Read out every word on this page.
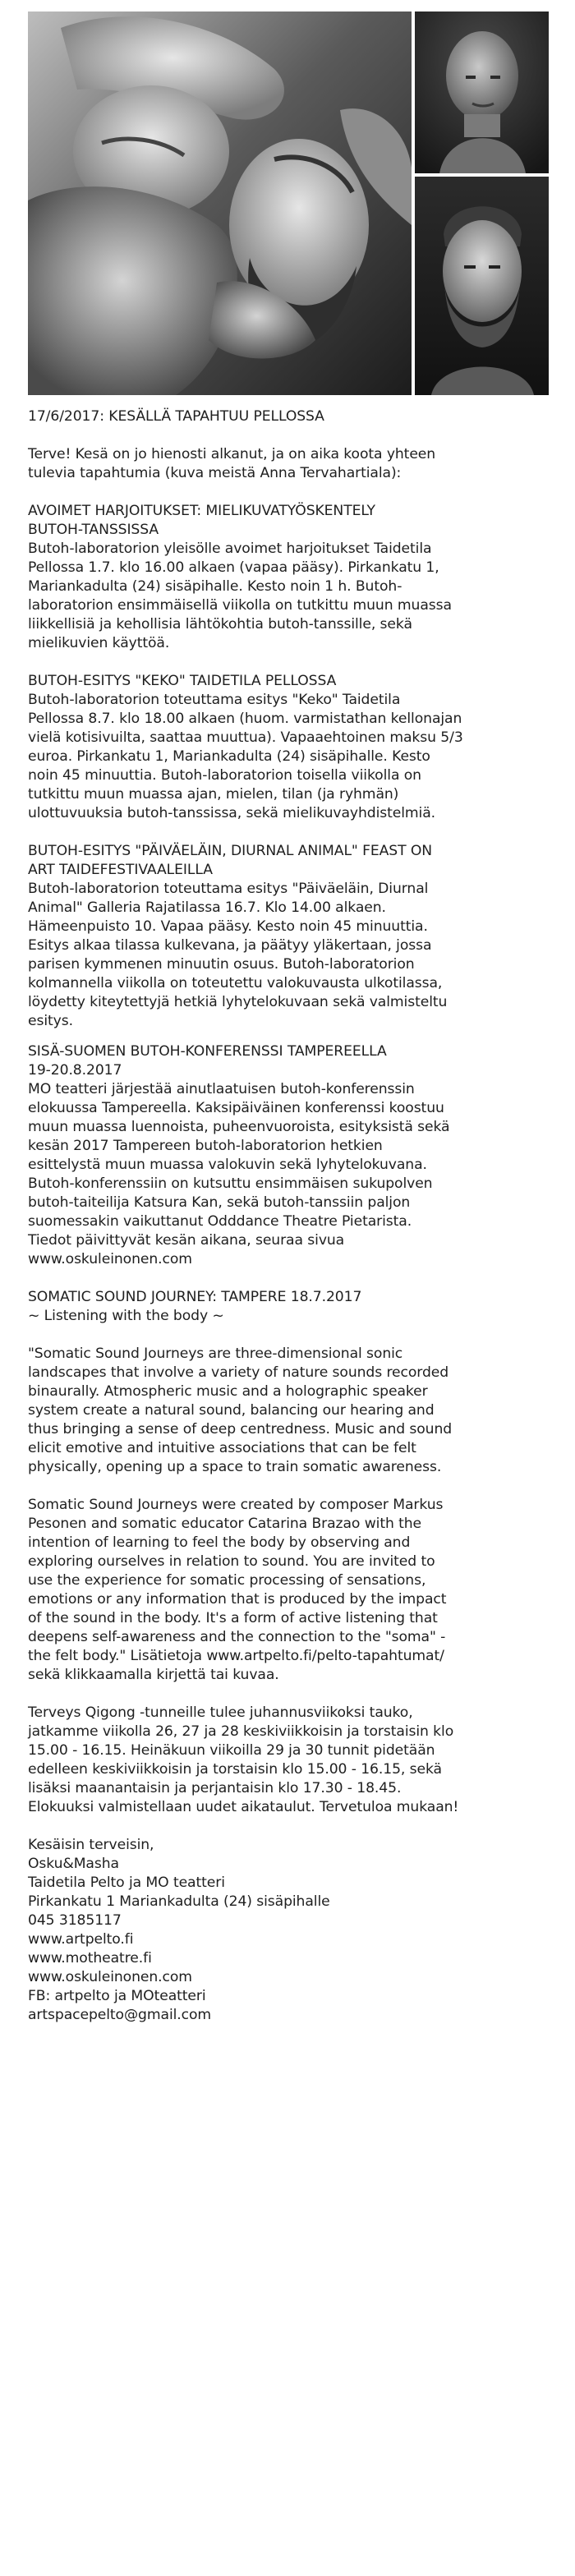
17/6/2017: KESÄLLÄ TAPAHTUU PELLOSSA

Terve! Kesä on jo hienosti alkanut, ja on aika koota yhteen
tulevia tapahtumia (kuva meistä Anna Tervahartiala):

AVOIMET HARJOITUKSET: MIELIKUVATYÖSKENTELY
BUTOH-TANSSISSA
Butoh-laboratorion yleisölle avoimet harjoitukset Taidetila
Pellossa 1.7. klo 16.00 alkaen (vapaa pääsy). Pirkankatu 1,
Mariankadulta (24) sisäpihalle. Kesto noin 1 h. Butoh-
laboratorion ensimmäisellä viikolla on tutkittu muun muassa
liikkellisiä ja kehollisia lähtökohtia butoh-tanssille, sekä
mielikuvien käyttöä.

BUTOH-ESITYS "KEKO" TAIDETILA PELLOSSA
Butoh-laboratorion toteuttama esitys "Keko" Taidetila
Pellossa 8.7. klo 18.00 alkaen (huom. varmistathan kellonajan
vielä kotisivuilta, saattaa muuttua). Vapaaehtoinen maksu 5/3
euroa. Pirkankatu 1, Mariankadulta (24) sisäpihalle. Kesto
noin 45 minuuttia. Butoh-laboratorion toisella viikolla on
tutkittu muun muassa ajan, mielen, tilan (ja ryhmän)
ulottuvuuksia butoh-tanssissa, sekä mielikuvayhdistelmiä.

BUTOH-ESITYS "PÄIVÄELÄIN, DIURNAL ANIMAL" FEAST ON
ART TAIDEFESTIVAALEILLA
Butoh-laboratorion toteuttama esitys "Päiväeläin, Diurnal
Animal" Galleria Rajatilassa 16.7. Klo 14.00 alkaen.
Hämeenpuisto 10. Vapaa pääsy. Kesto noin 45 minuuttia.
Esitys alkaa tilassa kulkevana, ja päätyy yläkertaan, jossa
parisen kymmenen minuutin osuus. Butoh-laboratorion
kolmannella viikolla on toteutettu valokuvausta ulkotilassa,
löydetty kiteytettyjä hetkiä lyhytelokuvaan sekä valmisteltu
esitys.

SISÄ-SUOMEN BUTOH-KONFERENSSI TAMPEREELLA
19-20.8.2017
MO teatteri järjestää ainutlaatuisen butoh-konferenssin
elokuussa Tampereella. Kaksipäiväinen konferenssi koostuu
muun muassa luennoista, puheenvuoroista, esityksistä sekä
kesän 2017 Tampereen butoh-laboratorion hetkien
esittelystä muun muassa valokuvin sekä lyhytelokuvana.
Butoh-konferenssiin on kutsuttu ensimmäisen sukupolven
butoh-taiteilija Katsura Kan, sekä butoh-tanssiin paljon
suomessakin vaikuttanut Odddance Theatre Pietarista.
Tiedot päivittyvät kesän aikana, seuraa sivua
www.oskuleinonen.com

SOMATIC SOUND JOURNEY: TAMPERE 18.7.2017
~ Listening with the body ~

"Somatic Sound Journeys are three-dimensional sonic
landscapes that involve a variety of nature sounds recorded
binaurally. Atmospheric music and a holographic speaker
system create a natural sound, balancing our hearing and
thus bringing a sense of deep centredness. Music and sound
elicit emotive and intuitive associations that can be felt
physically, opening up a space to train somatic awareness.

Somatic Sound Journeys were created by composer Markus
Pesonen and somatic educator Catarina Brazao with the
intention of learning to feel the body by observing and
exploring ourselves in relation to sound. You are invited to
use the experience for somatic processing of sensations,
emotions or any information that is produced by the impact
of the sound in the body. It's a form of active listening that
deepens self-awareness and the connection to the "soma" -
the felt body." Lisätietoja www.artpelto.fi/pelto-tapahtumat/
sekä klikkaamalla kirjettä tai kuvaa.

Terveys Qigong -tunneille tulee juhannusviikoksi tauko,
jatkamme viikolla 26, 27 ja 28 keskiviikkoisin ja torstaisin klo
15.00 - 16.15. Heinäkuun viikoilla 29 ja 30 tunnit pidetään
edelleen keskiviikkoisin ja torstaisin klo 15.00 - 16.15, sekä
lisäksi maanantaisin ja perjantaisin klo 17.30 - 18.45.
Elokuuksi valmistellaan uudet aikataulut. Tervetuloa mukaan!

Kesäisin terveisin,
Osku&Masha
Taidetila Pelto ja MO teatteri
Pirkankatu 1 Mariankadulta (24) sisäpihalle
045 3185117
www.artpelto.fi
www.motheatre.fi
www.oskuleinonen.com
FB: artpelto ja MOteatteri
artspacepelto@gmail.com
